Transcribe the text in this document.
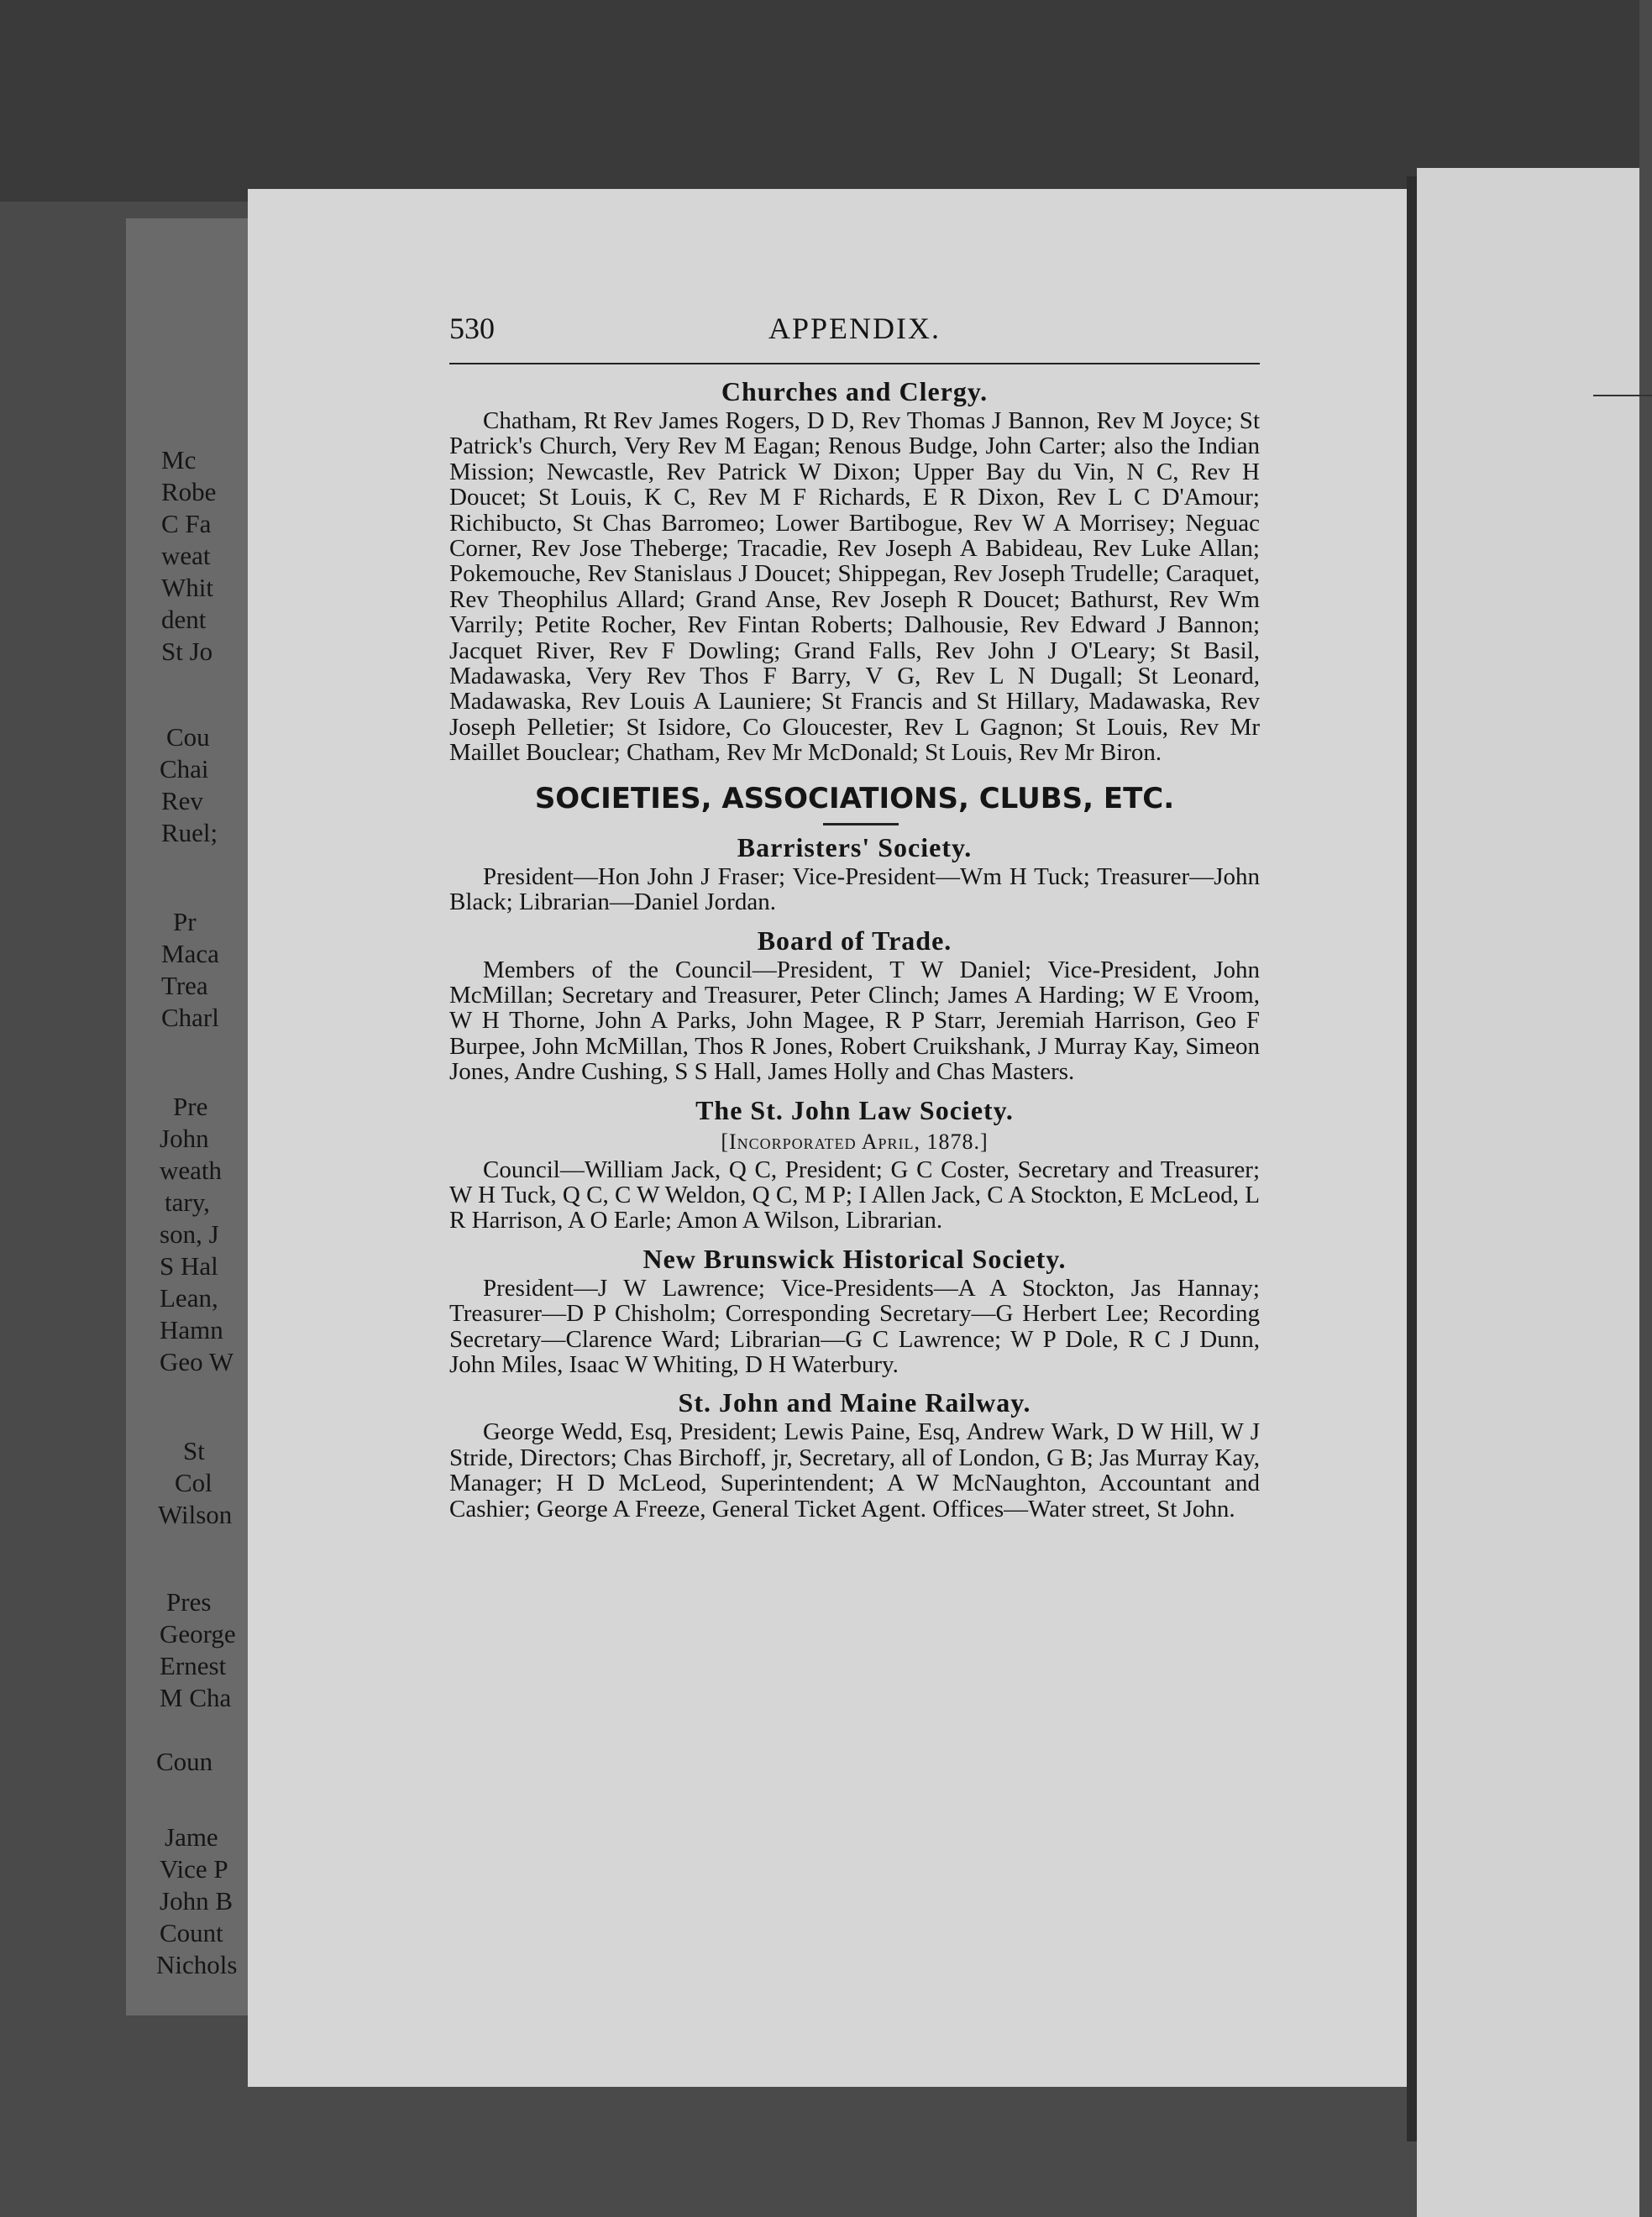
Mc

Robe

C Fa

weat

Whit

dent

St Jo

Cou

Chai

Rev

Ruel;

Pr

Maca

Trea

Charl

Pre

John

weath

tary,

son, J

S Hal

Lean,

Hamn

Geo W

St

Col

Wilson

Pres

George

Ernest

M Cha

Coun

Jame

Vice P

John B

Count

Nichols

530	APPENDIX.
Churches and Clergy.

Chatham, Rt Rev James Rogers, D D, Rev Thomas J Bannon, Rev M Joyce; St Patrick's Church, Very Rev M Eagan; Renous Budge, John Carter; also the Indian Mission; Newcastle, Rev Patrick W Dixon; Upper Bay du Vin, N C, Rev H Doucet; St Louis, K C, Rev M F Richards, E R Dixon, Rev L C D'Amour; Richibucto, St Chas Barromeo; Lower Bartibogue, Rev W A Morrisey; Neguac Corner, Rev Jose Theberge; Tracadie, Rev Joseph A Babideau, Rev Luke Allan; Pokemouche, Rev Stanislaus J Doucet; Shippegan, Rev Joseph Trudelle; Caraquet, Rev Theophilus Allard; Grand Anse, Rev Joseph R Doucet; Bathurst, Rev Wm Varrily; Petite Rocher, Rev Fintan Roberts; Dalhousie, Rev Edward J Bannon; Jacquet River, Rev F Dowling; Grand Falls, Rev John J O'Leary; St Basil, Madawaska, Very Rev Thos F Barry, V G, Rev L N Dugall; St Leonard, Madawaska, Rev Louis A Launiere; St Francis and St Hillary, Madawaska, Rev Joseph Pelletier; St Isidore, Co Gloucester, Rev L Gagnon; St Louis, Rev Mr Maillet Bouclear; Chatham, Rev Mr McDonald; St Louis, Rev Mr Biron.

SOCIETIES, ASSOCIATIONS, CLUBS, ETC.
Barristers' Society.

President—Hon John J Fraser; Vice-President—Wm H Tuck; Treasurer—John Black; Librarian—Daniel Jordan.

Board of Trade.

Members of the Council—President, T W Daniel; Vice-President, John McMillan; Secretary and Treasurer, Peter Clinch; James A Harding; W E Vroom, W H Thorne, John A Parks, John Magee, R P Starr, Jeremiah Harrison, Geo F Burpee, John McMillan, Thos R Jones, Robert Cruikshank, J Murray Kay, Simeon Jones, Andre Cushing, S S Hall, James Holly and Chas Masters.

The St. John Law Society.

[Incorporated April, 1878.]

Council—William Jack, Q C, President; G C Coster, Secretary and Treasurer; W H Tuck, Q C, C W Weldon, Q C, M P; I Allen Jack, C A Stockton, E McLeod, L R Harrison, A O Earle; Amon A Wilson, Librarian.

New Brunswick Historical Society.

President—J W Lawrence; Vice-Presidents—A A Stockton, Jas Hannay; Treasurer—D P Chisholm; Corresponding Secretary—G Herbert Lee; Recording Secretary—Clarence Ward; Librarian—G C Lawrence; W P Dole, R C J Dunn, John Miles, Isaac W Whiting, D H Waterbury.

St. John and Maine Railway.

George Wedd, Esq, President; Lewis Paine, Esq, Andrew Wark, D W Hill, W J Stride, Directors; Chas Birchoff, jr, Secretary, all of London, G B; Jas Murray Kay, Manager; H D McLeod, Superintendent; A W McNaughton, Accountant and Cashier; George A Freeze, General Ticket Agent. Offices—Water street, St John.
